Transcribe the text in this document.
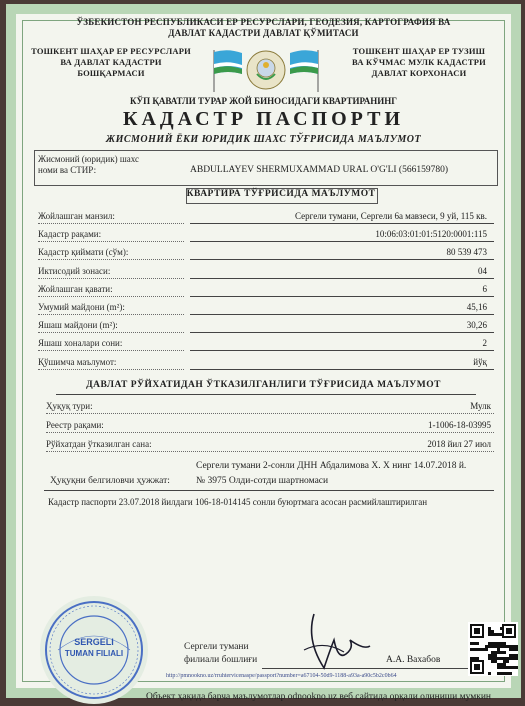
ЎЗБЕКИСТОН РЕСПУБЛИКАСИ ЕР РЕСУРСЛАРИ, ГЕОДЕЗИЯ, КАРТОГРАФИЯ ВА
ДАВЛАТ КАДАСТРИ ДАВЛАТ ҚЎМИТАСИ
ТОШКЕНТ ШАҲАР ЕР РЕСУРСЛАРИ
ВА ДАВЛАТ КАДАСТРИ
БОШҚАРМАСИ
ТОШКЕНТ ШАҲАР ЕР ТУЗИШ
ВА КЎЧМАС МУЛК КАДАСТРИ
ДАВЛАТ КОРХОНАСИ
КЎП ҚАВАТЛИ ТУРАР ЖОЙ БИНОСИДАГИ КВАРТИРАНИНГ
КАДАСТР ПАСПОРТИ
ЖИСМОНИЙ ЁКИ ЮРИДИК ШАХС ТЎҒРИСИДА МАЪЛУМОТ
Жисмоний (юридик) шахс
номи ва СТИР:	ABDULLAYEV SHERMUXAMMAD URAL O'G'LI (566159780)
КВАРТИРА ТЎҒРИСИДА МАЪЛУМОТ
Жойлашган манзил:	Сергели тумани, Сергели 6а мавзеси, 9 уй, 115 кв.
Кадастр рақами:	10:06:03:01:01:5120:0001:115
Кадастр қиймати (сўм):	80 539 473
Иктисодий зонаси:	04
Жойлашган қавати:	6
Умумий майдони (m²):	45,16
Яшаш майдони (m²):	30,26
Яшаш хоналари сони:	2
Қўшимча маълумот:	йўқ
ДАВЛАТ РЎЙХАТИДАН ЎТКАЗИЛГАНЛИГИ ТЎҒРИСИДА МАЪЛУМОТ
Ҳуқуқ тури:	Мулк
Реестр рақами:	1-1006-18-03995
Рўйхатдан ўтказилган сана:	2018 йил 27 июл
Сергели тумани 2-сонли ДНН Абдалимова Х. Х нинг 14.07.2018 й.
Ҳуқуқни белгиловчи ҳужжат:	№ 3975 Олди-сотди шартномаси
Кадастр паспорти 23.07.2018 йилдаги 106-18-014145 сонли буюртмага асосан расмийлаштирилган
SERGELI
TUMAN FILIALI
Сергели тумани
филиали бошлиғи	А.А. Вахабов
http://pmnookno.uz/rruhtervicenaspe/passport?number=a67104-50d9-1188-a93a-a90c5b2c0b64
Объект ҳақида барча маълумотлар odnookno.uz веб сайтида орқали олиниши мумкин
